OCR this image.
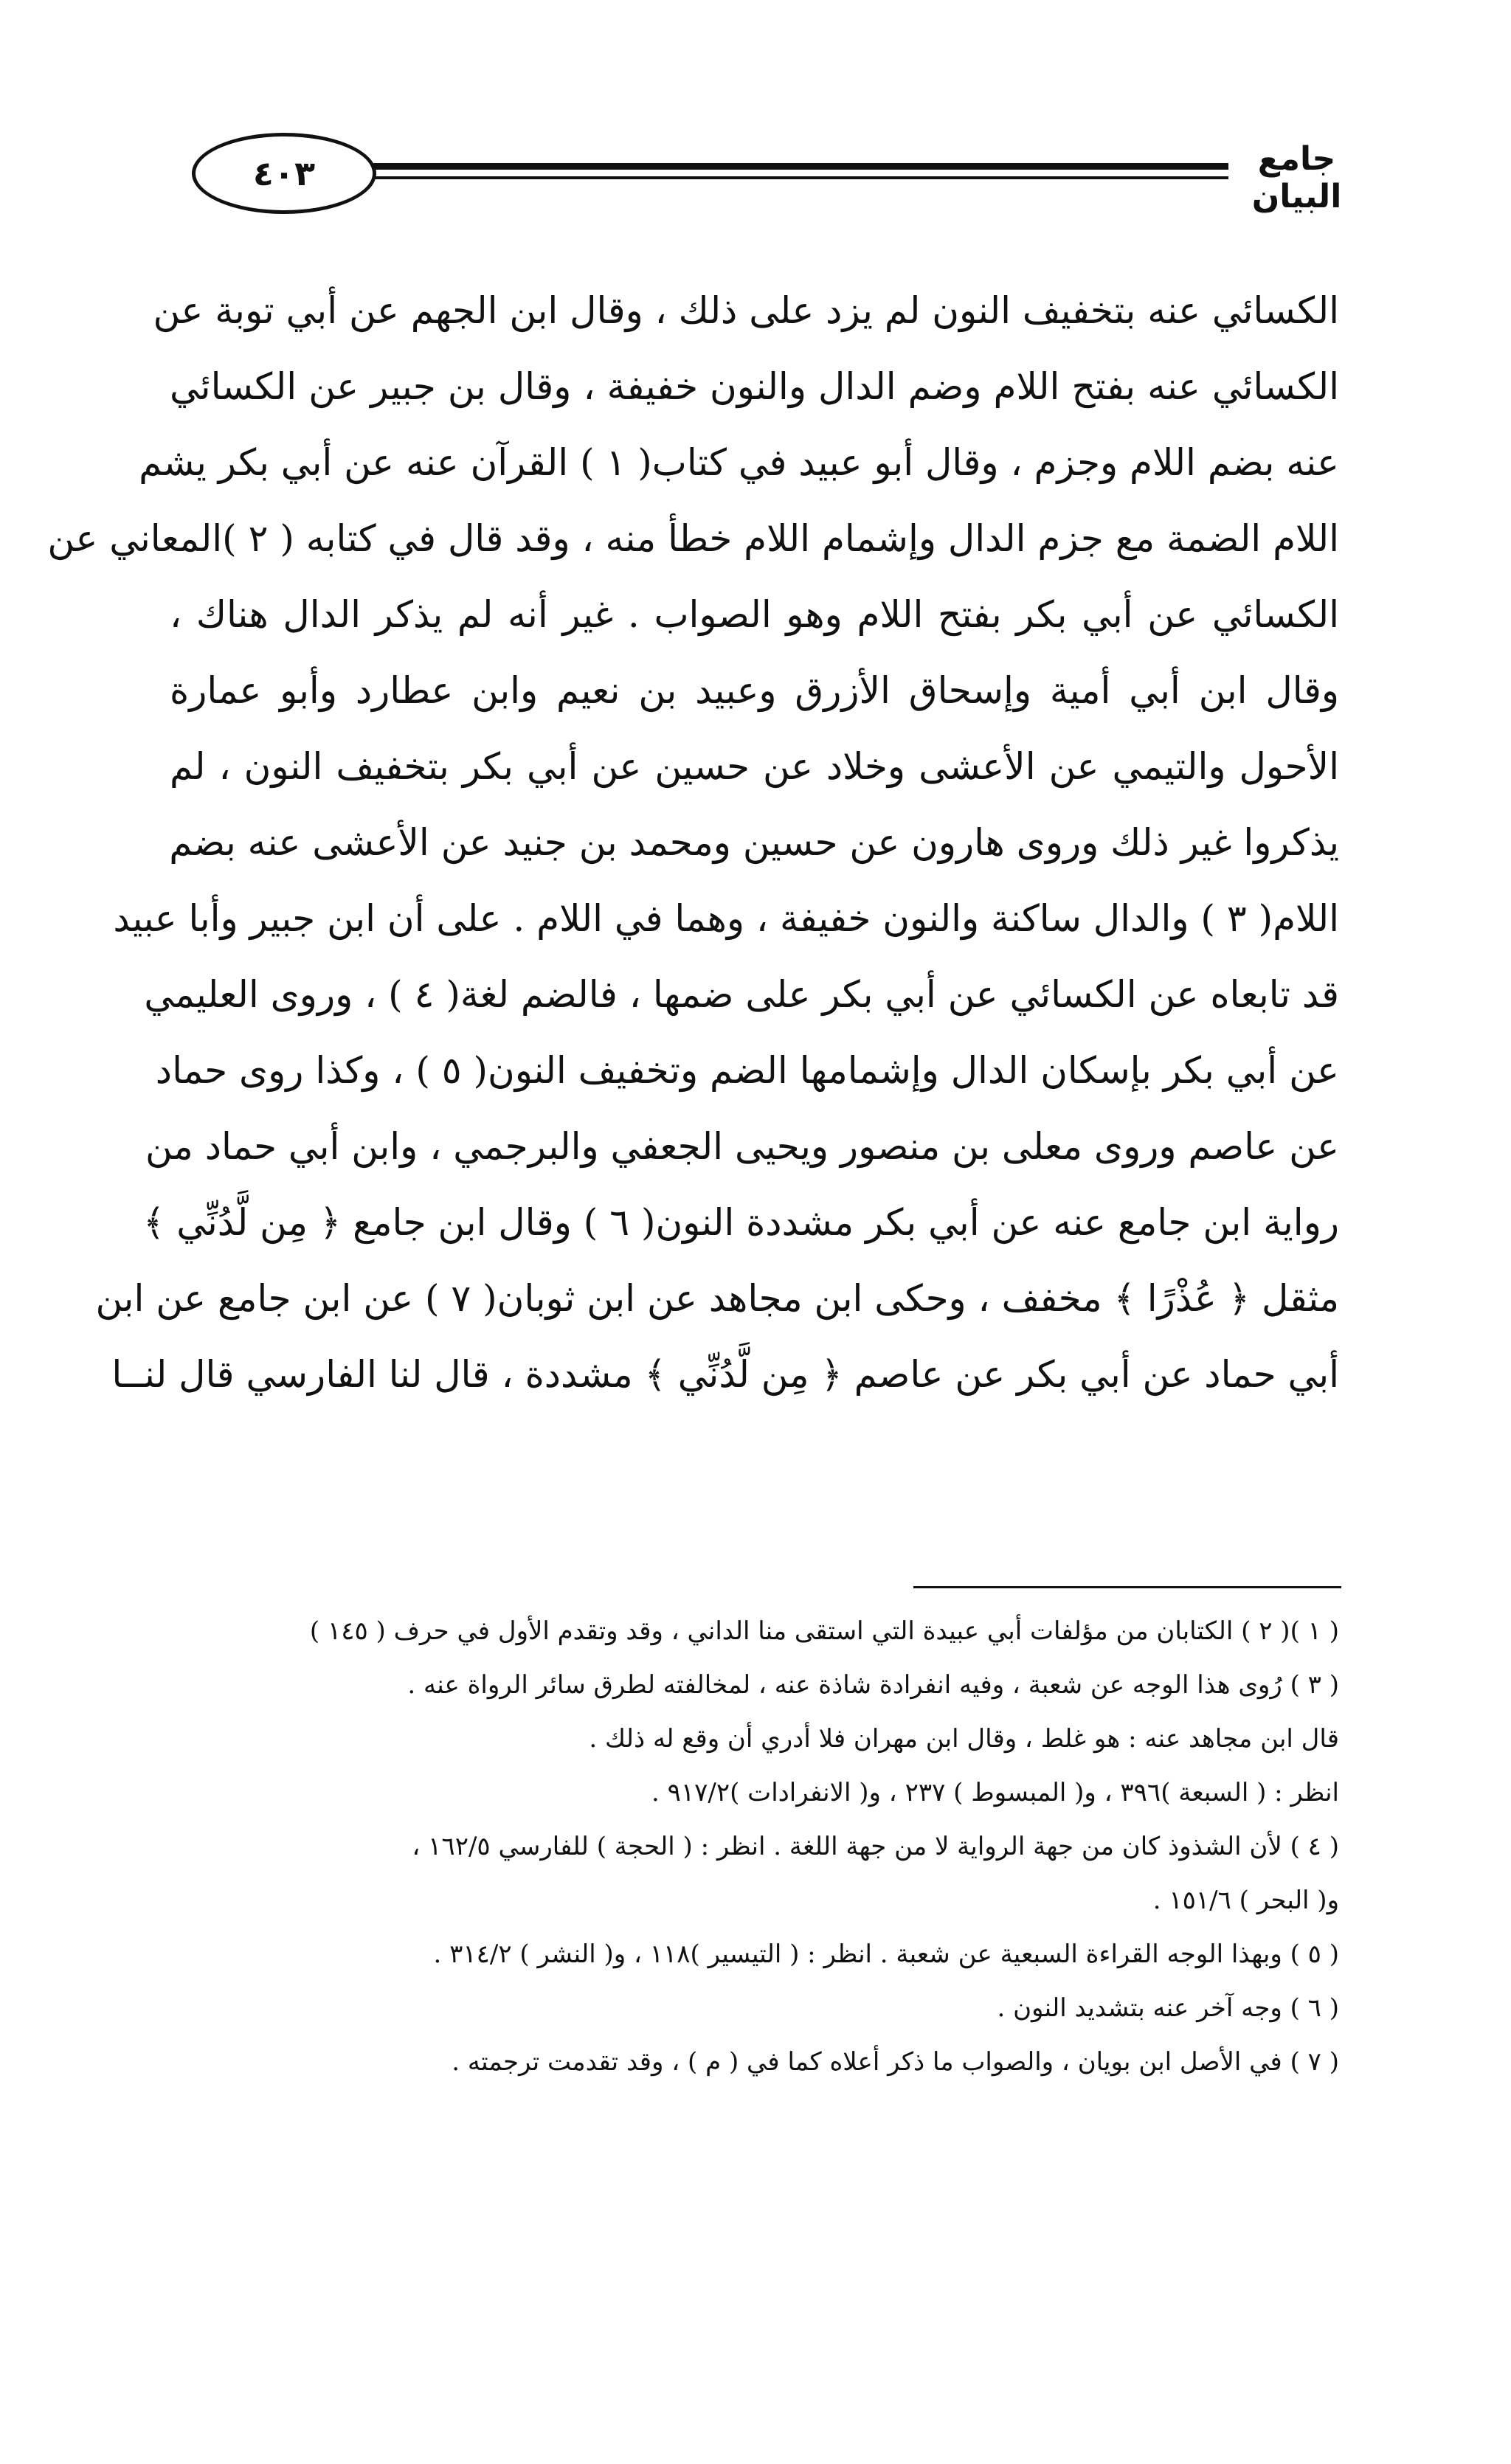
٤٠٣	جامع البيان
الكسائي عنه بتخفيف النون لم يزد على ذلك ، وقال ابن الجهم عن أبي توبة عن
الكسائي عنه بفتح اللام وضم الدال والنون خفيفة ، وقال بن جبير عن الكسائي
عنه بضم اللام وجزم ، وقال أبو عبيد في كتاب( ١ ) القرآن عنه عن أبي بكر يشم
اللام الضمة مع جزم الدال وإشمام اللام خطأ منه ، وقد قال في كتابه ( ٢ )المعاني عن
الكسائي عن أبي بكر بفتح اللام وهو الصواب . غير أنه لم يذكر الدال هناك ،
وقال ابن أبي أمية وإسحاق الأزرق وعبيد بن نعيم وابن عطارد وأبو عمارة
الأحول والتيمي عن الأعشى وخلاد عن حسين عن أبي بكر بتخفيف النون ، لم
يذكروا غير ذلك وروى هارون عن حسين ومحمد بن جنيد عن الأعشى عنه بضم
اللام( ٣ ) والدال ساكنة والنون خفيفة ، وهما في اللام . على أن ابن جبير وأبا عبيد
قد تابعاه عن الكسائي عن أبي بكر على ضمها ، فالضم لغة( ٤ ) ، وروى العليمي
عن أبي بكر بإسكان الدال وإشمامها الضم وتخفيف النون( ٥ ) ، وكذا روى حماد
عن عاصم وروى معلى بن منصور ويحيى الجعفي والبرجمي ، وابن أبي حماد من
رواية ابن جامع عنه عن أبي بكر مشددة النون( ٦ ) وقال ابن جامع ﴿ مِن لَّدُنِّي ﴾
مثقل ﴿ عُذْرًا ﴾ مخفف ، وحكى ابن مجاهد عن ابن ثوبان( ٧ ) عن ابن جامع عن ابن
أبي حماد عن أبي بكر عن عاصم ﴿ مِن لَّدُنِّي ﴾ مشددة ، قال لنا الفارسي قال لنــا
( ١ )( ٢ ) الكتابان من مؤلفات أبي عبيدة التي استقى منا الداني ، وقد وتقدم الأول في حرف ( ١٤٥ )
( ٣ ) رُوى هذا الوجه عن شعبة ، وفيه انفرادة شاذة عنه ، لمخالفته لطرق سائر الرواة عنه .
قال ابن مجاهد عنه : هو غلط ، وقال ابن مهران فلا أدري أن وقع له ذلك .
انظر : ( السبعة )٣٩٦ ، و( المبسوط ) ٢٣٧ ، و( الانفرادات )٩١٧/٢ .
( ٤ ) لأن الشذوذ كان من جهة الرواية لا من جهة اللغة . انظر : ( الحجة ) للفارسي ١٦٢/٥ ،
و( البحر ) ١٥١/٦ .
( ٥ ) وبهذا الوجه القراءة السبعية عن شعبة . انظر : ( التيسير )١١٨ ، و( النشر ) ٣١٤/٢ .
( ٦ ) وجه آخر عنه بتشديد النون .
( ٧ ) في الأصل ابن بويان ، والصواب ما ذكر أعلاه كما في ( م ) ، وقد تقدمت ترجمته .
